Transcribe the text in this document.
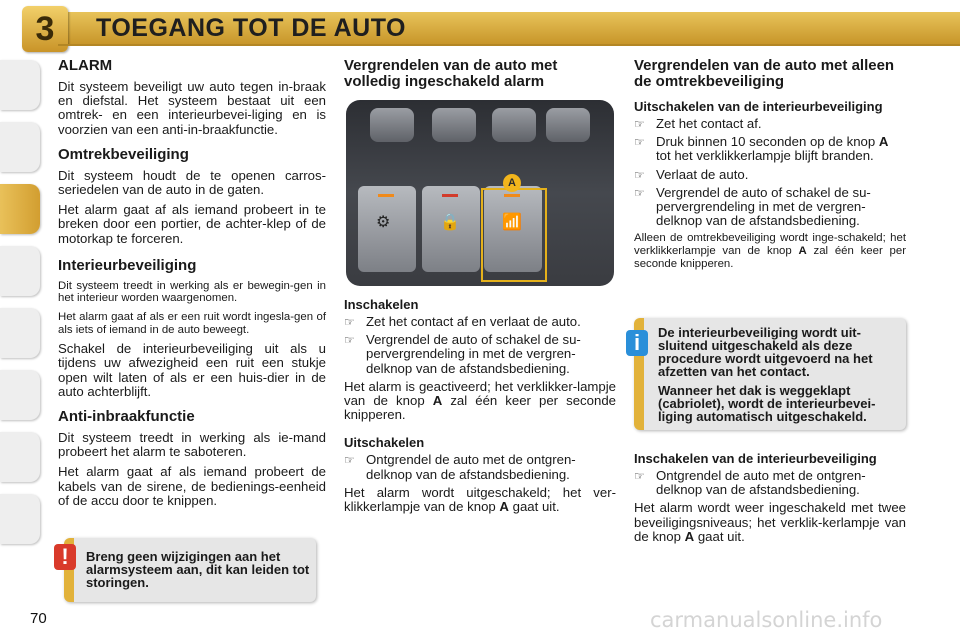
3	TOEGANG TOT DE AUTO
ALARM

Dit systeem beveiligt uw auto tegen in-braak en diefstal. Het systeem bestaat uit een omtrek- en een interieurbevei-liging en is voorzien van een anti-in-braakfunctie.

Omtrekbeveiliging

Dit systeem houdt de te openen carros-seriedelen van de auto in de gaten.

Het alarm gaat af als iemand probeert in te breken door een portier, de achter-klep of de motorkap te forceren.

Interieurbeveiliging

Dit systeem treedt in werking als er bewegin-gen in het interieur worden waargenomen.

Het alarm gaat af als er een ruit wordt ingesla-gen of als iets of iemand in de auto beweegt.

Schakel de interieurbeveiliging uit als u tijdens uw afwezigheid een ruit een stukje open wilt laten of als er een huis-dier in de auto achterblijft.

Anti-inbraakfunctie

Dit systeem treedt in werking als ie-mand probeert het alarm te saboteren.

Het alarm gaat af als iemand probeert de kabels van de sirene, de bedienings-eenheid of de accu door te knippen.

Breng geen wijzigingen aan het alarmsysteem aan, dit kan leiden tot storingen.
!
Vergrendelen van de auto met volledig ingeschakeld alarm
⚙	🔒	📶
A
Inschakelen
☞ Zet het contact af en verlaat de auto.
☞ Vergrendel de auto of schakel de su-pervergrendeling in met de vergren-delknop van de afstandsbediening.

Het alarm is geactiveerd; het verklikker-lampje van de knop A zal één keer per seconde knipperen.

Uitschakelen
☞ Ontgrendel de auto met de ontgren-delknop van de afstandsbediening.

Het alarm wordt uitgeschakeld; het ver-klikkerlampje van de knop A gaat uit.

Vergrendelen van de auto met alleen de omtrekbeveiliging
Uitschakelen van de interieurbeveiliging
☞ Zet het contact af.
☞ Druk binnen 10 seconden op de knop A tot het verklikkerlampje blijft branden.
☞ Verlaat de auto.
☞ Vergrendel de auto of schakel de su-pervergrendeling in met de vergren-delknop van de afstandsbediening.

Alleen de omtrekbeveiliging wordt inge-schakeld; het verklikkerlampje van de knop A zal één keer per seconde knipperen.

De interieurbeveiliging wordt uit-sluitend uitgeschakeld als deze procedure wordt uitgevoerd na het afzetten van het contact.
Wanneer het dak is weggeklapt (cabriolet), wordt de interieurbevei-liging automatisch uitgeschakeld.
i
Inschakelen van de interieurbeveiliging
☞ Ontgrendel de auto met de ontgren-delknop van de afstandsbediening.

Het alarm wordt weer ingeschakeld met twee beveiligingsniveaus; het verklik-kerlampje van de knop A gaat uit.

70	carmanualsonline.info
